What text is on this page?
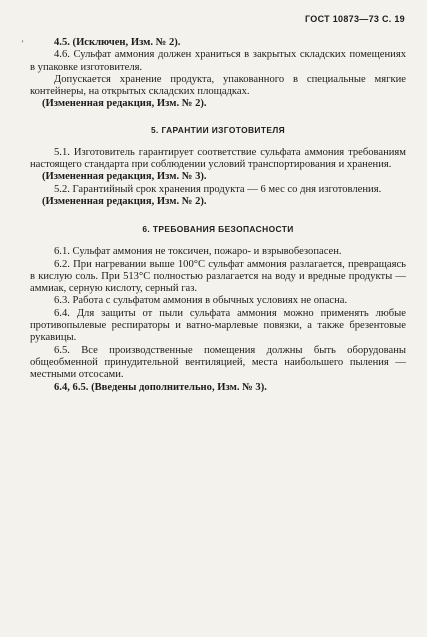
ГОСТ 10873—73 С. 19
'	4.5. (Исключен, Изм. № 2).

4.6. Сульфат аммония должен храниться в закрытых складских помещениях в упаковке изготовителя.

Допускается хранение продукта, упакованного в специальные мягкие контейнеры, на открытых складских площадках.

(Измененная редакция, Изм. № 2).

5. ГАРАНТИИ ИЗГОТОВИТЕЛЯ

5.1. Изготовитель гарантирует соответствие сульфата аммония требованиям настоящего стандарта при соблюдении условий транспортирования и хранения.

(Измененная редакция, Изм. № 3).

5.2. Гарантийный срок хранения продукта — 6 мес со дня изготовления.

(Измененная редакция, Изм. № 2).

6. ТРЕБОВАНИЯ БЕЗОПАСНОСТИ

6.1. Сульфат аммония не токсичен, пожаро- и взрывобезопасен.

6.2. При нагревании выше 100°С сульфат аммония разлагается, превращаясь в кислую соль. При 513°С полностью разлагается на воду и вредные продукты — аммиак, серную кислоту, серный газ.

6.3. Работа с сульфатом аммония в обычных условиях не опасна.

6.4. Для защиты от пыли сульфата аммония можно применять любые противопылевые респираторы и ватно-марлевые повязки, а также брезентовые рукавицы.

6.5. Все производственные помещения должны быть оборудованы общеобменной принудительной вентиляцией, места наибольшего пыления — местными отсосами.

6.4, 6.5. (Введены дополнительно, Изм. № 3).
